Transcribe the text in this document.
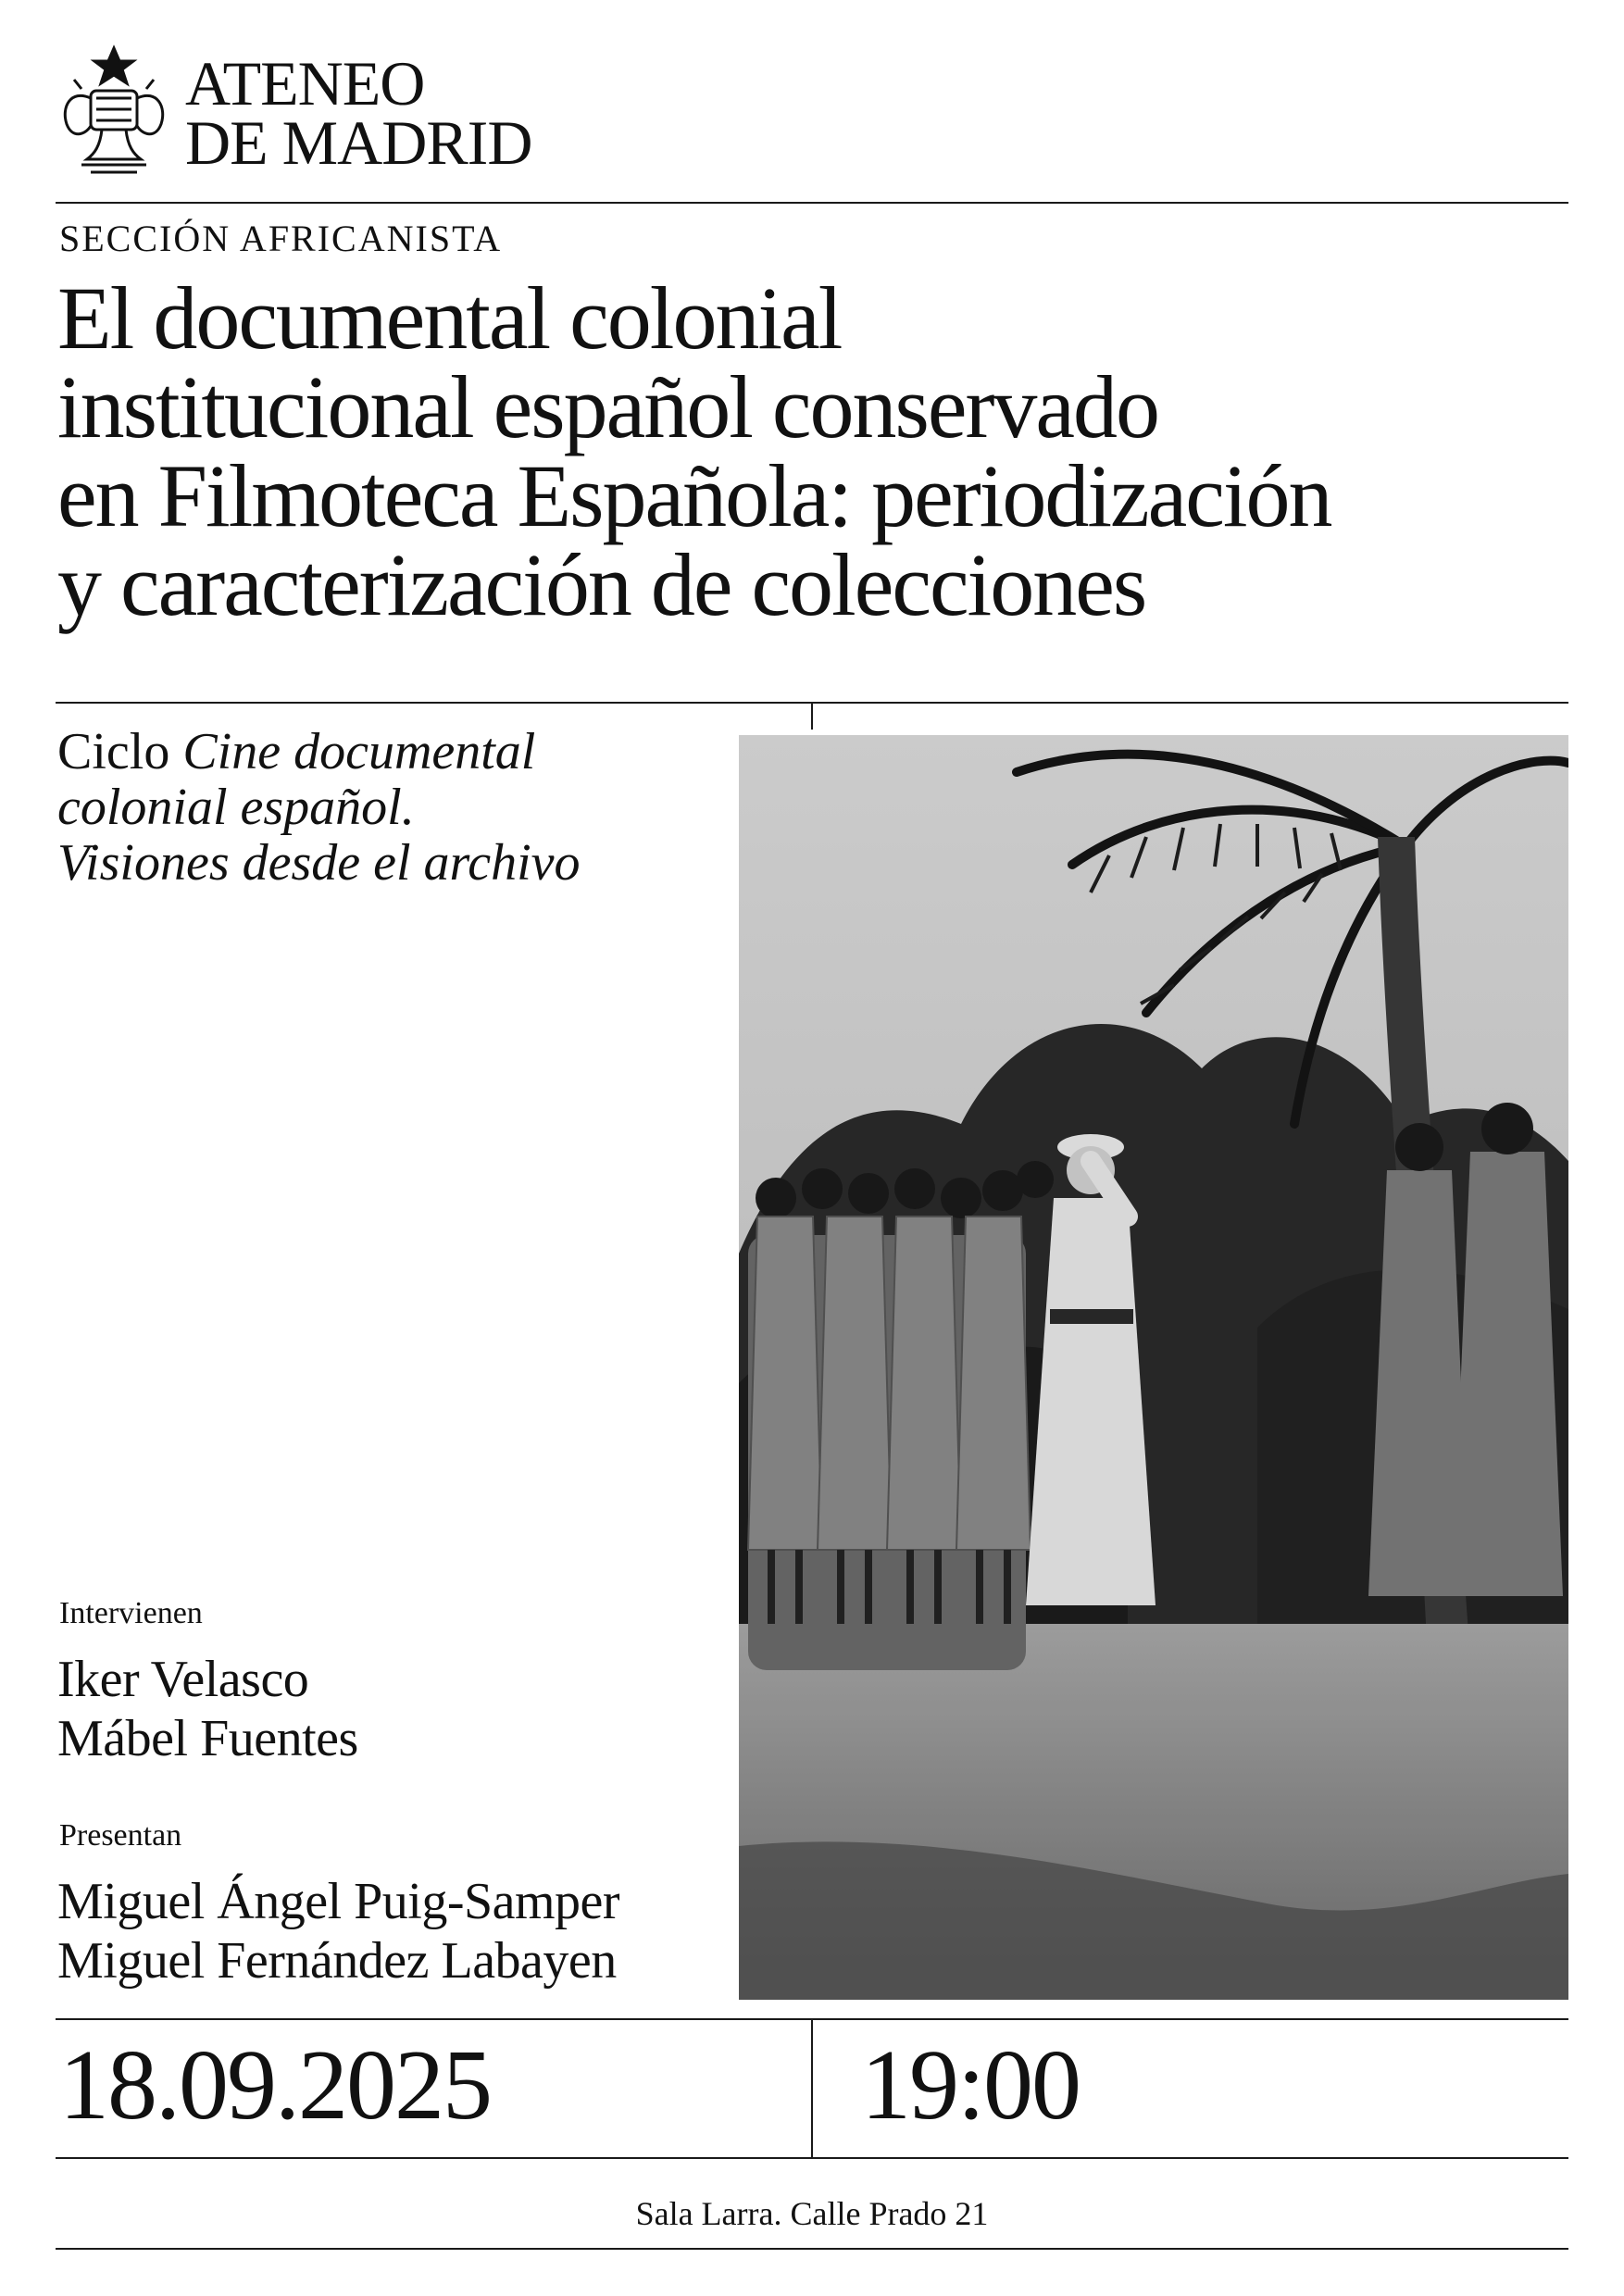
ATENEO
DE MADRID
SECCIÓN AFRICANISTA
El documental colonial
institucional español conservado
en Filmoteca Española: periodización
y caracterización de colecciones
Ciclo Cine documental
colonial español.
Visiones desde el archivo
Intervienen
Iker Velasco
Mábel Fuentes
Presentan
Miguel Ángel Puig-Samper
Miguel Fernández Labayen
18.09.2025	19:00
Sala Larra. Calle Prado 21
